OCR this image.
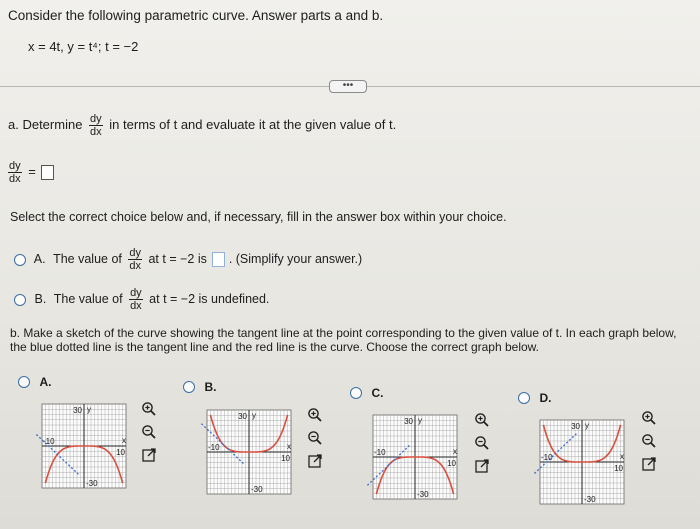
Consider the following parametric curve. Answer parts a and b.
x = 4t, y = t⁴; t = −2
•••
a. Determine $\frac{dy}{dx}$ in terms of t and evaluate it at the given value of t.
$\frac{dy}{dx}$ =
Select the correct choice below and, if necessary, fill in the answer box within your choice.
A. The value of $\frac{dy}{dx}$ at t = −2 is . (Simplify your answer.)
B. The value of $\frac{dy}{dx}$ at t = −2 is undefined.
b. Make a sketch of the curve showing the tangent line at the point corresponding to the given value of t. In each graph below, the blue dotted line is the tangent line and the red line is the curve. Choose the correct graph below.
A.	B.	C.	D.
30
-30
-10
10
x
y
30
-30
-10
10
x
y
30
-30
-10
10
x
y
30
-30
-10
10
x
y
